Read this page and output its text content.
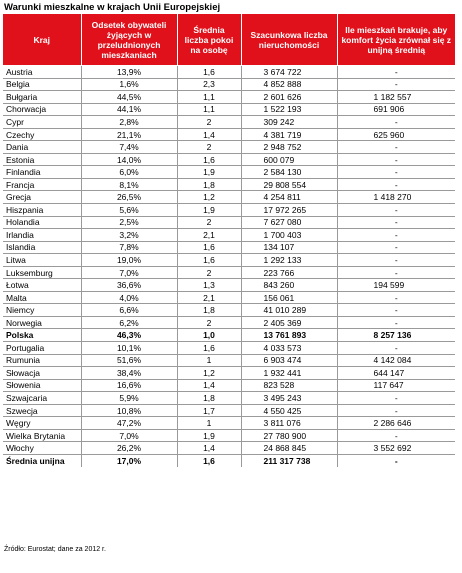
Warunki mieszkalne w krajach Unii Europejskiej
Kraj	Odsetek obywateli żyjących w przeludnionych mieszkaniach	Średnia liczba pokoi na osobę	Szacunkowa liczba nieruchomości	Ile mieszkań brakuje, aby komfort życia zrównał się z unijną średnią
Austria	13,9%	1,6	3 674 722	-
Belgia	1,6%	2,3	4 852 888	-
Bułgaria	44,5%	1,1	2 601 626	1 182 557
Chorwacja	44,1%	1,1	1 522 193	691 906
Cypr	2,8%	2	309 242	-
Czechy	21,1%	1,4	4 381 719	625 960
Dania	7,4%	2	2 948 752	-
Estonia	14,0%	1,6	600 079	-
Finlandia	6,0%	1,9	2 584 130	-
Francja	8,1%	1,8	29 808 554	-
Grecja	26,5%	1,2	4 254 811	1 418 270
Hiszpania	5,6%	1,9	17 972 265	-
Holandia	2,5%	2	7 627 080	-
Irlandia	3,2%	2,1	1 700 403	-
Islandia	7,8%	1,6	134 107	-
Litwa	19,0%	1,6	1 292 133	-
Luksemburg	7,0%	2	223 766	-
Łotwa	36,6%	1,3	843 260	194 599
Malta	4,0%	2,1	156 061	-
Niemcy	6,6%	1,8	41 010 289	-
Norwegia	6,2%	2	2 405 369	-
Polska	46,3%	1,0	13 761 893	8 257 136
Portugalia	10,1%	1,6	4 033 573	-
Rumunia	51,6%	1	6 903 474	4 142 084
Słowacja	38,4%	1,2	1 932 441	644 147
Słowenia	16,6%	1,4	823 528	117 647
Szwajcaria	5,9%	1,8	3 495 243	-
Szwecja	10,8%	1,7	4 550 425	-
Węgry	47,2%	1	3 811 076	2 286 646
Wielka Brytania	7,0%	1,9	27 780 900	-
Włochy	26,2%	1,4	24 868 845	3 552 692
Średnia unijna	17,0%	1,6	211 317 738	-
Źródło: Eurostat; dane za 2012 r.
